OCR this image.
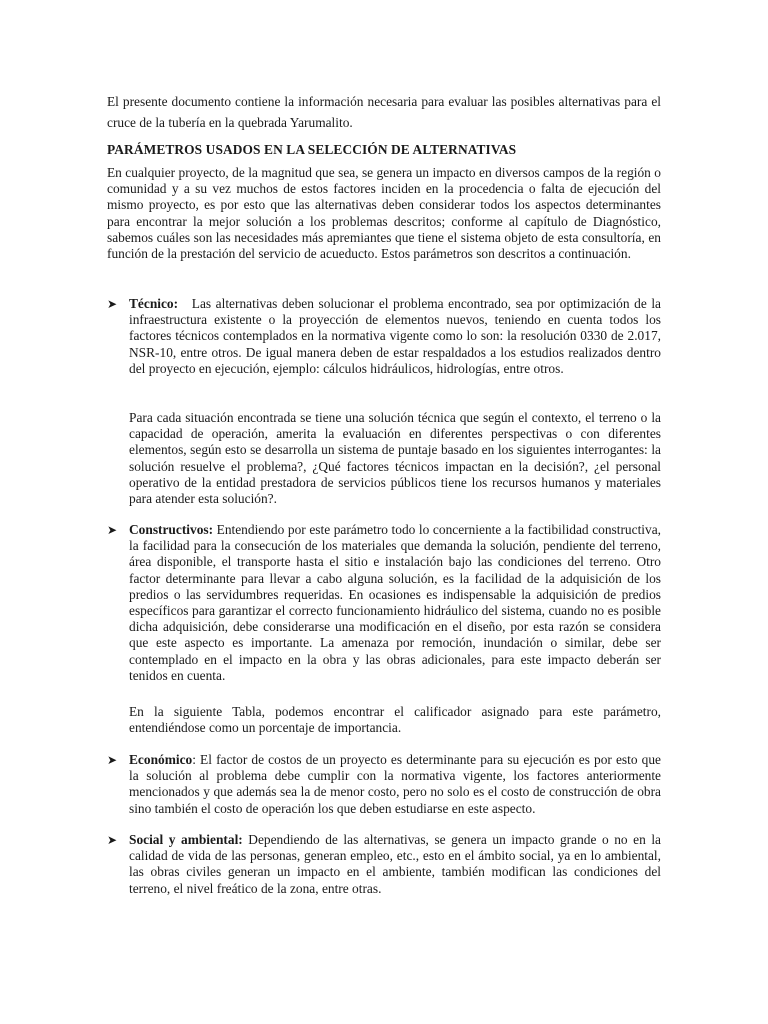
El presente documento contiene la información necesaria para evaluar las posibles alternativas para el cruce de la tubería en la quebrada Yarumalito.

PARÁMETROS USADOS EN LA SELECCIÓN DE ALTERNATIVAS

En cualquier proyecto, de la magnitud que sea, se genera un impacto en diversos campos de la región o comunidad y a su vez muchos de estos factores inciden en la procedencia o falta de ejecución del mismo proyecto, es por esto que las alternativas deben considerar todos los aspectos determinantes para encontrar la mejor solución a los problemas descritos; conforme al capítulo de Diagnóstico, sabemos cuáles son las necesidades más apremiantes que tiene el sistema objeto de esta consultoría, en función de la prestación del servicio de acueducto. Estos parámetros son descritos a continuación.

➤ Técnico: Las alternativas deben solucionar el problema encontrado, sea por optimización de la infraestructura existente o la proyección de elementos nuevos, teniendo en cuenta todos los factores técnicos contemplados en la normativa vigente como lo son: la resolución 0330 de 2.017, NSR-10, entre otros. De igual manera deben de estar respaldados a los estudios realizados dentro del proyecto en ejecución, ejemplo: cálculos hidráulicos, hidrologías, entre otros.

Para cada situación encontrada se tiene una solución técnica que según el contexto, el terreno o la capacidad de operación, amerita la evaluación en diferentes perspectivas o con diferentes elementos, según esto se desarrolla un sistema de puntaje basado en los siguientes interrogantes: la solución resuelve el problema?, ¿Qué factores técnicos impactan en la decisión?, ¿el personal operativo de la entidad prestadora de servicios públicos tiene los recursos humanos y materiales para atender esta solución?.

➤ Constructivos: Entendiendo por este parámetro todo lo concerniente a la factibilidad constructiva, la facilidad para la consecución de los materiales que demanda la solución, pendiente del terreno, área disponible, el transporte hasta el sitio e instalación bajo las condiciones del terreno. Otro factor determinante para llevar a cabo alguna solución, es la facilidad de la adquisición de los predios o las servidumbres requeridas. En ocasiones es indispensable la adquisición de predios específicos para garantizar el correcto funcionamiento hidráulico del sistema, cuando no es posible dicha adquisición, debe considerarse una modificación en el diseño, por esta razón se considera que este aspecto es importante. La amenaza por remoción, inundación o similar, debe ser contemplado en el impacto en la obra y las obras adicionales, para este impacto deberán ser tenidos en cuenta.

En la siguiente Tabla, podemos encontrar el calificador asignado para este parámetro, entendiéndose como un porcentaje de importancia.

➤ Económico: El factor de costos de un proyecto es determinante para su ejecución es por esto que la solución al problema debe cumplir con la normativa vigente, los factores anteriormente mencionados y que además sea la de menor costo, pero no solo es el costo de construcción de obra sino también el costo de operación los que deben estudiarse en este aspecto.

➤ Social y ambiental: Dependiendo de las alternativas, se genera un impacto grande o no en la calidad de vida de las personas, generan empleo, etc., esto en el ámbito social, ya en lo ambiental, las obras civiles generan un impacto en el ambiente, también modifican las condiciones del terreno, el nivel freático de la zona, entre otras.
